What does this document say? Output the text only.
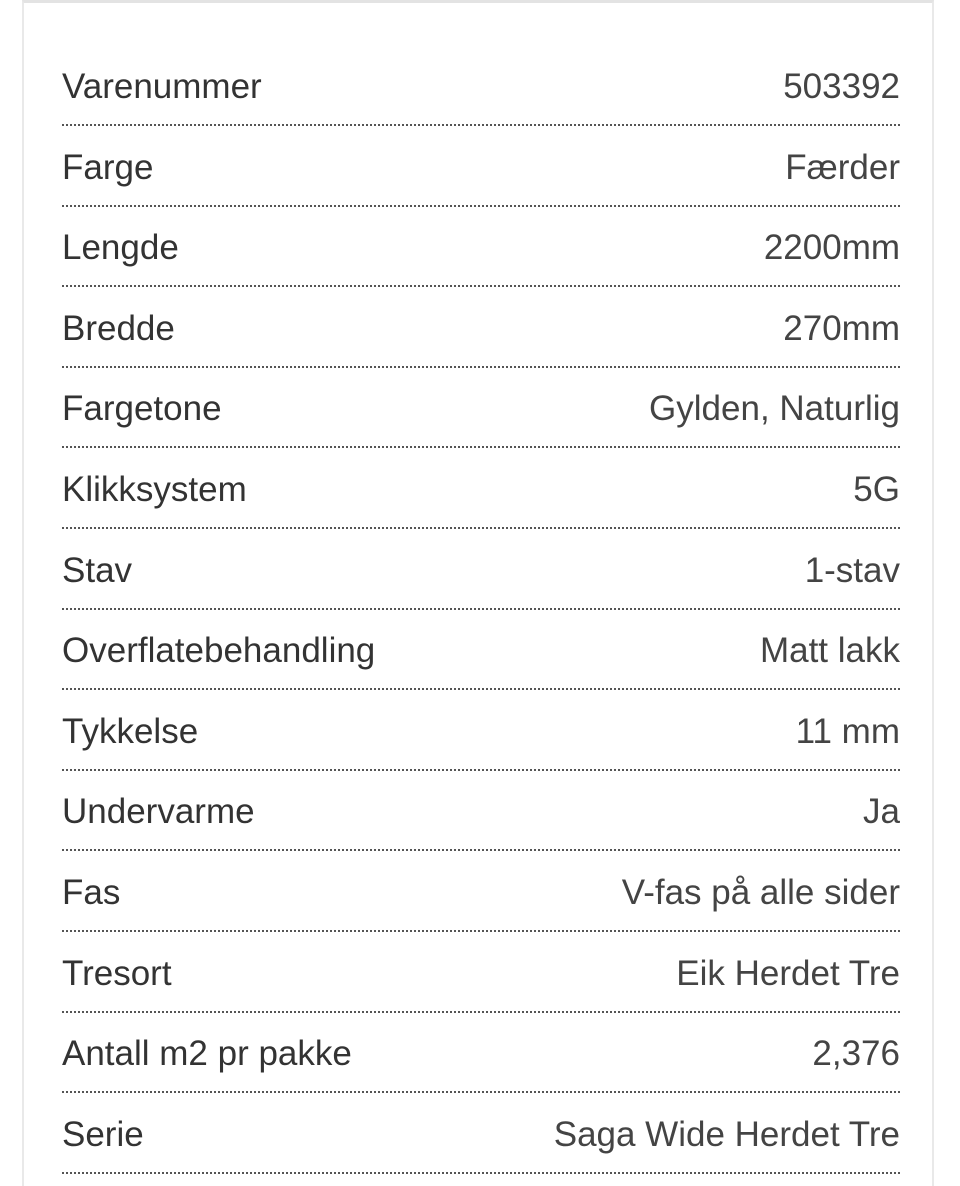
Varenummer	503392
Farge	Færder
Lengde	2200mm
Bredde	270mm
Fargetone	Gylden, Naturlig
Klikksystem	5G
Stav	1-stav
Overflatebehandling	Matt lakk
Tykkelse	11 mm
Undervarme	Ja
Fas	V-fas på alle sider
Tresort	Eik Herdet Tre
Antall m2 pr pakke	2,376
Serie	Saga Wide Herdet Tre
